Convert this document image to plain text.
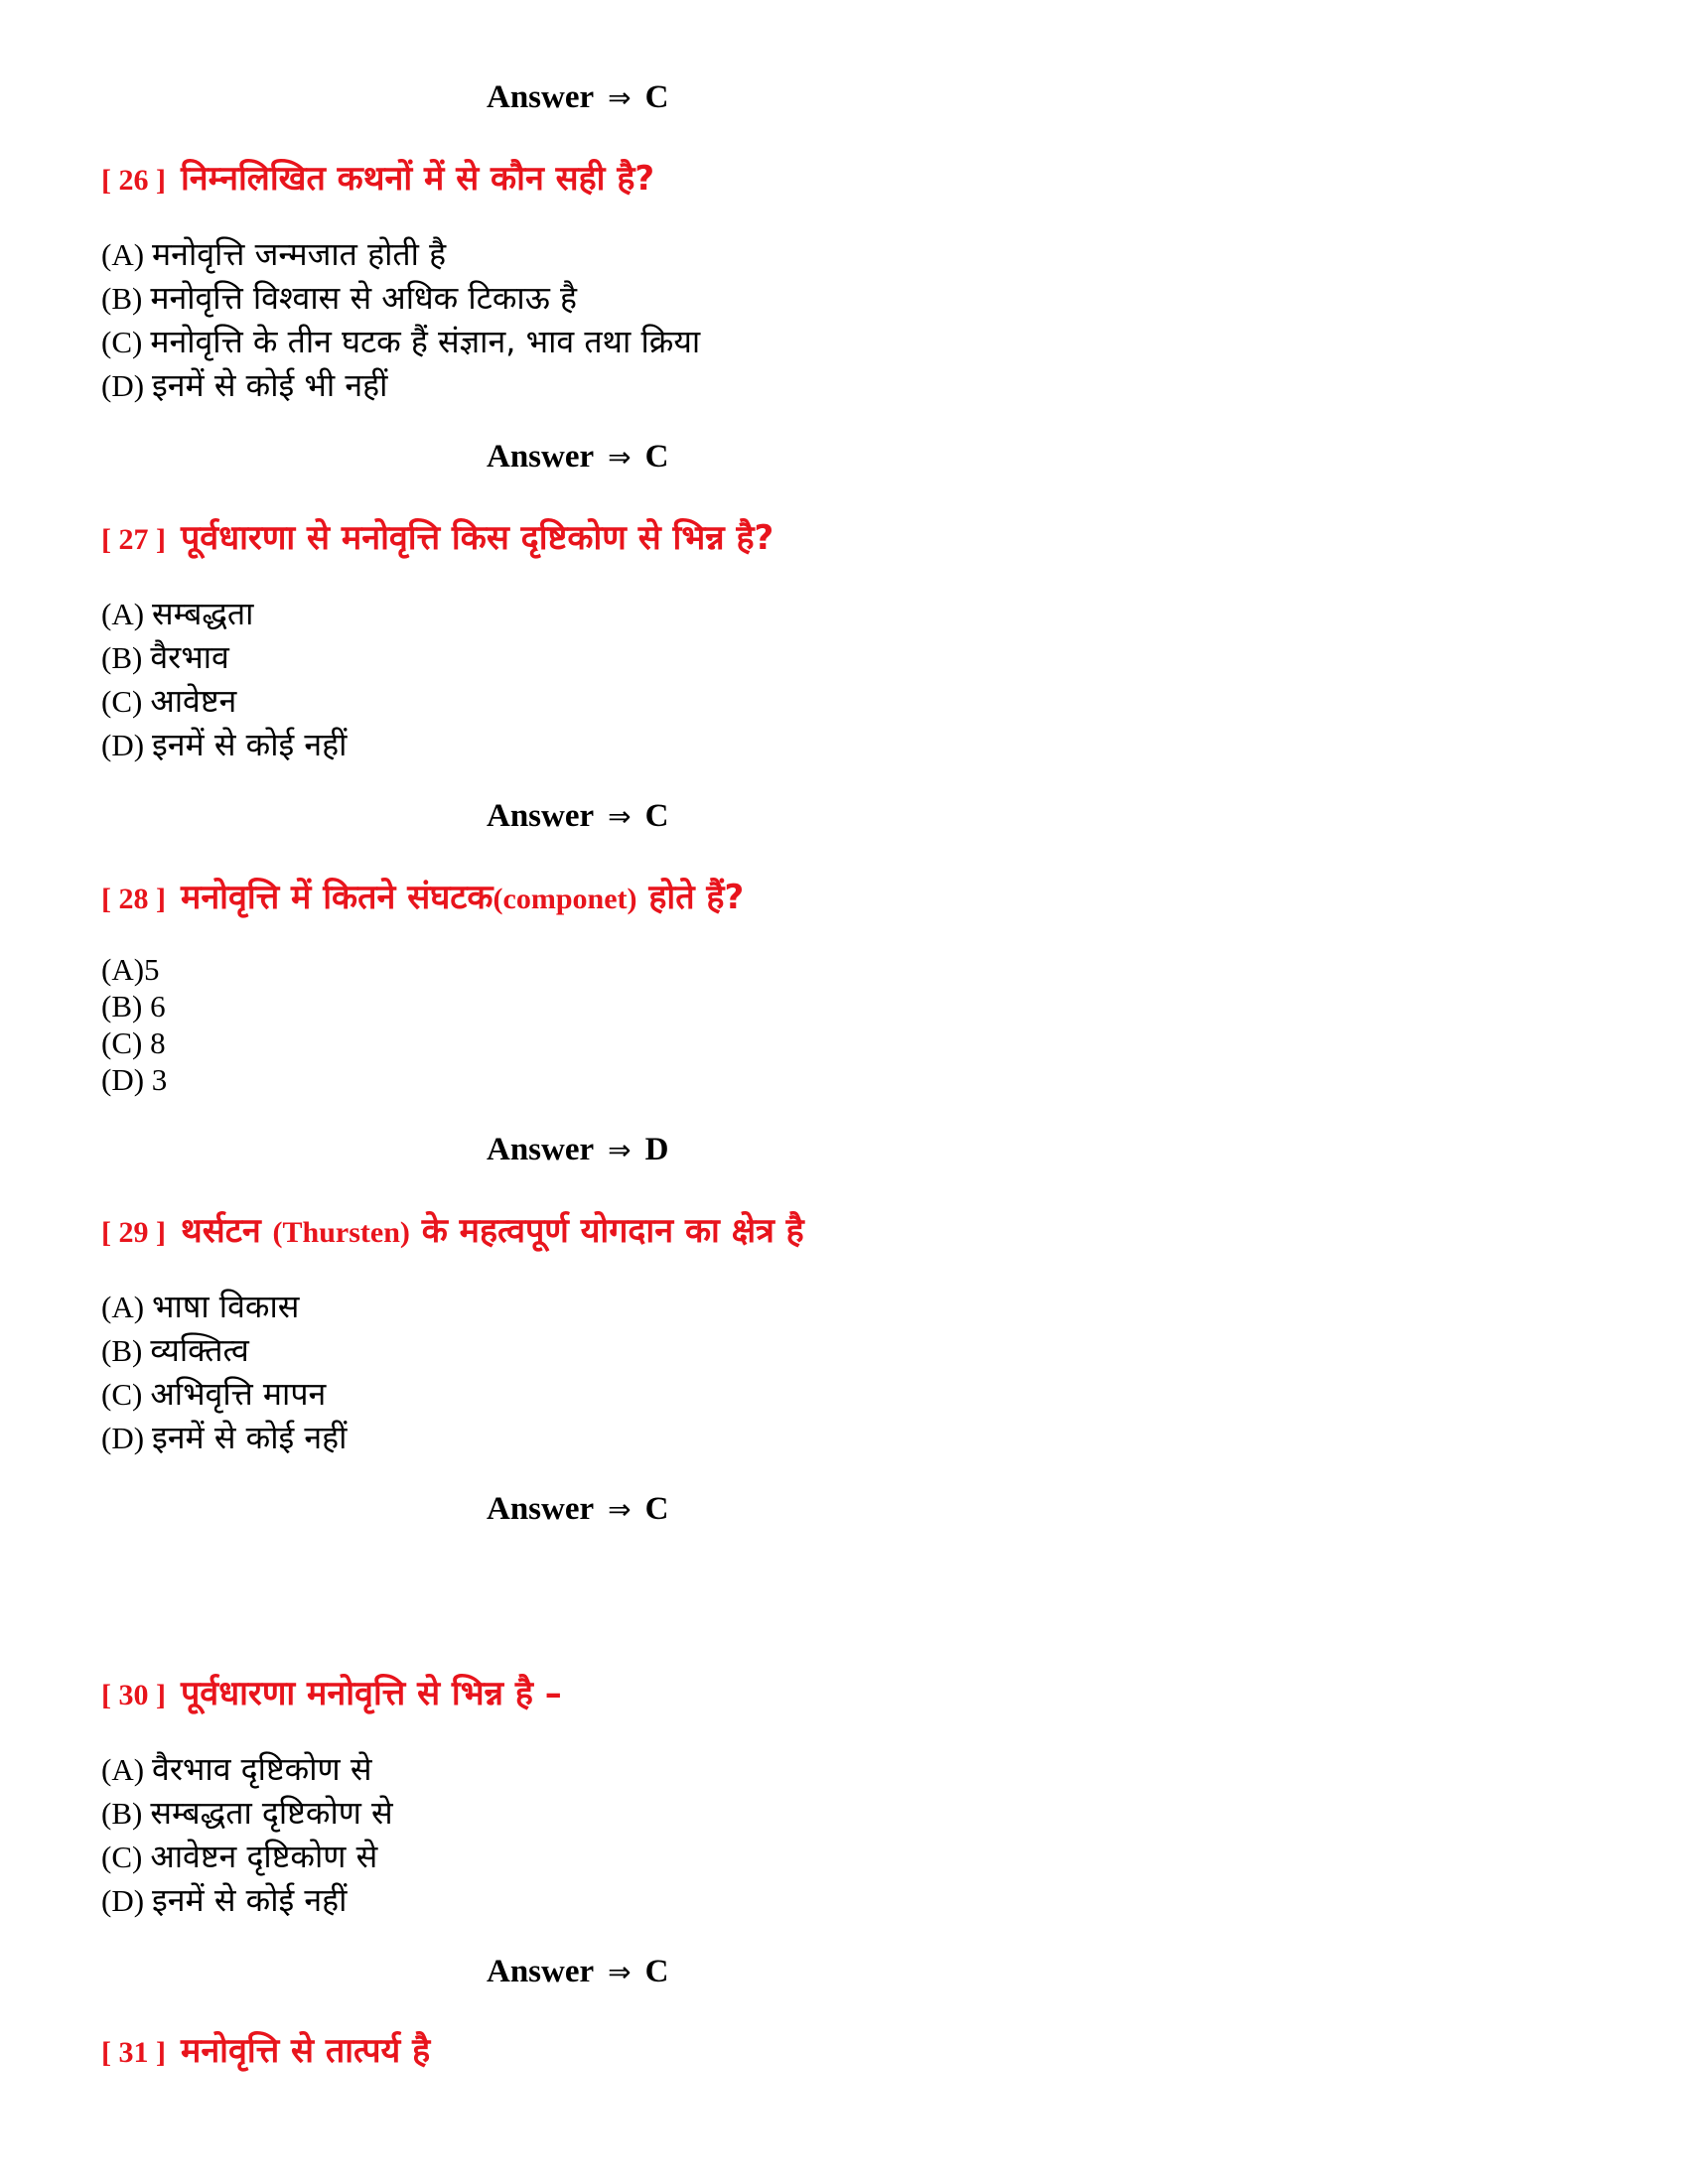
Answer ⇒ C
[ 26 ] निम्नलिखित कथनों में से कौन सही है?
(A) मनोवृत्ति जन्मजात होती है
(B) मनोवृत्ति विश्वास से अधिक टिकाऊ है
(C) मनोवृत्ति के तीन घटक हैं संज्ञान, भाव तथा क्रिया
(D) इनमें से कोई भी नहीं
Answer ⇒ C
[ 27 ] पूर्वधारणा से मनोवृत्ति किस दृष्टिकोण से भिन्न है?
(A) सम्बद्धता
(B) वैरभाव
(C) आवेष्टन
(D) इनमें से कोई नहीं
Answer ⇒ C
[ 28 ] मनोवृत्ति में कितने संघटक(componet) होते हैं?
(A)5
(B) 6
(C) 8
(D) 3
Answer ⇒ D
[ 29 ] थर्सटन (Thursten) के महत्वपूर्ण योगदान का क्षेत्र है
(A) भाषा विकास
(B) व्यक्तित्व
(C) अभिवृत्ति मापन
(D) इनमें से कोई नहीं
Answer ⇒ C
[ 30 ] पूर्वधारणा मनोवृत्ति से भिन्न है –
(A) वैरभाव दृष्टिकोण से
(B) सम्बद्धता दृष्टिकोण से
(C) आवेष्टन दृष्टिकोण से
(D) इनमें से कोई नहीं
Answer ⇒ C
[ 31 ] मनोवृत्ति से तात्पर्य है
